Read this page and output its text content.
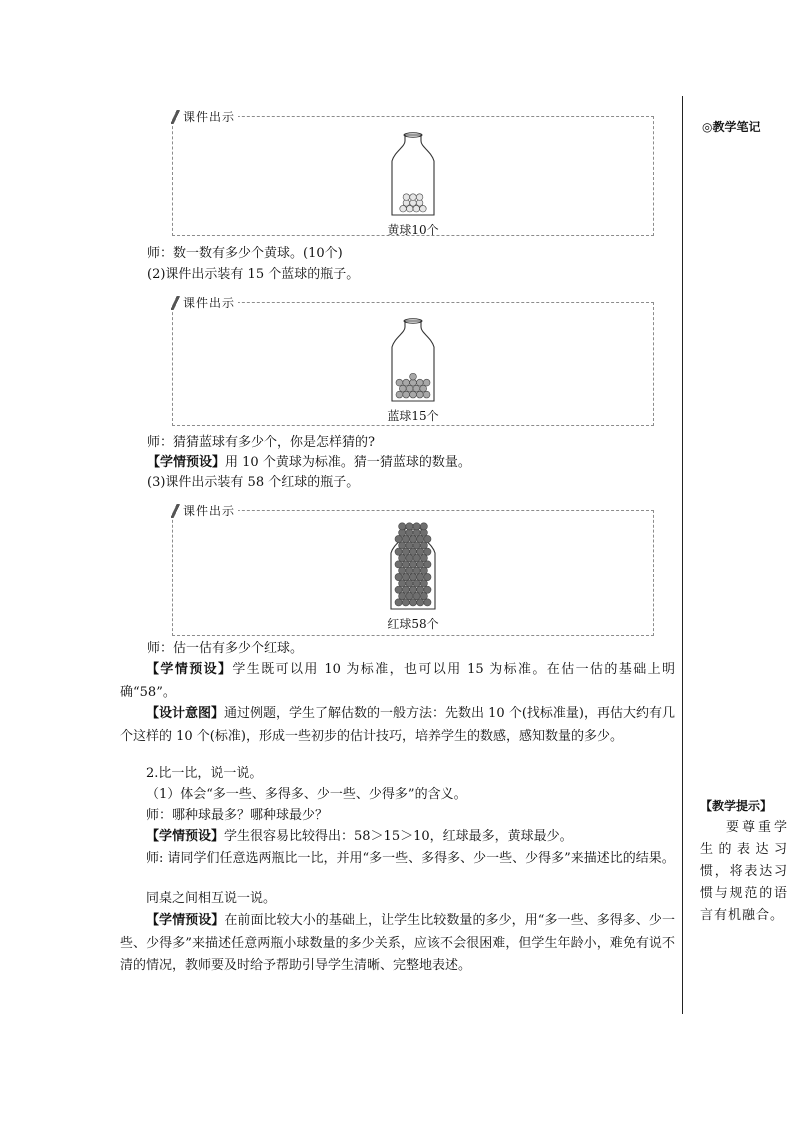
课件出示
黄球10个
师：数一数有多少个黄球。(10个)
(2)课件出示装有 15 个蓝球的瓶子。
课件出示
蓝球15个
师：猜猜蓝球有多少个，你是怎样猜的?
【学情预设】用 10 个黄球为标准。猜一猜蓝球的数量。
(3)课件出示装有 58 个红球的瓶子。
课件出示
红球58个
师：估一估有多少个红球。
【学情预设】学生既可以用 10 为标准，也可以用 15 为标准。在估一估的基础上明确“58”。
【设计意图】通过例题，学生了解估数的一般方法：先数出 10 个(找标准量)，再估大约有几个这样的 10 个(标准)，形成一些初步的估计技巧，培养学生的数感，感知数量的多少。
2.比一比，说一说。
（1）体会“多一些、多得多、少一些、少得多”的含义。
师：哪种球最多？哪种球最少？
【学情预设】学生很容易比较得出：58＞15＞10，红球最多，黄球最少。
师: 请同学们任意选两瓶比一比，并用“多一些、多得多、少一些、少得多”来描述比的结果。
同桌之间相互说一说。
【学情预设】在前面比较大小的基础上，让学生比较数量的多少，用“多一些、多得多、少一些、少得多”来描述任意两瓶小球数量的多少关系，应该不会很困难，但学生年龄小，难免有说不清的情况，教师要及时给予帮助引导学生清晰、完整地表述。
◎教学笔记
【教学提示】
要尊重学生的表达习惯，将表达习惯与规范的语言有机融合。
